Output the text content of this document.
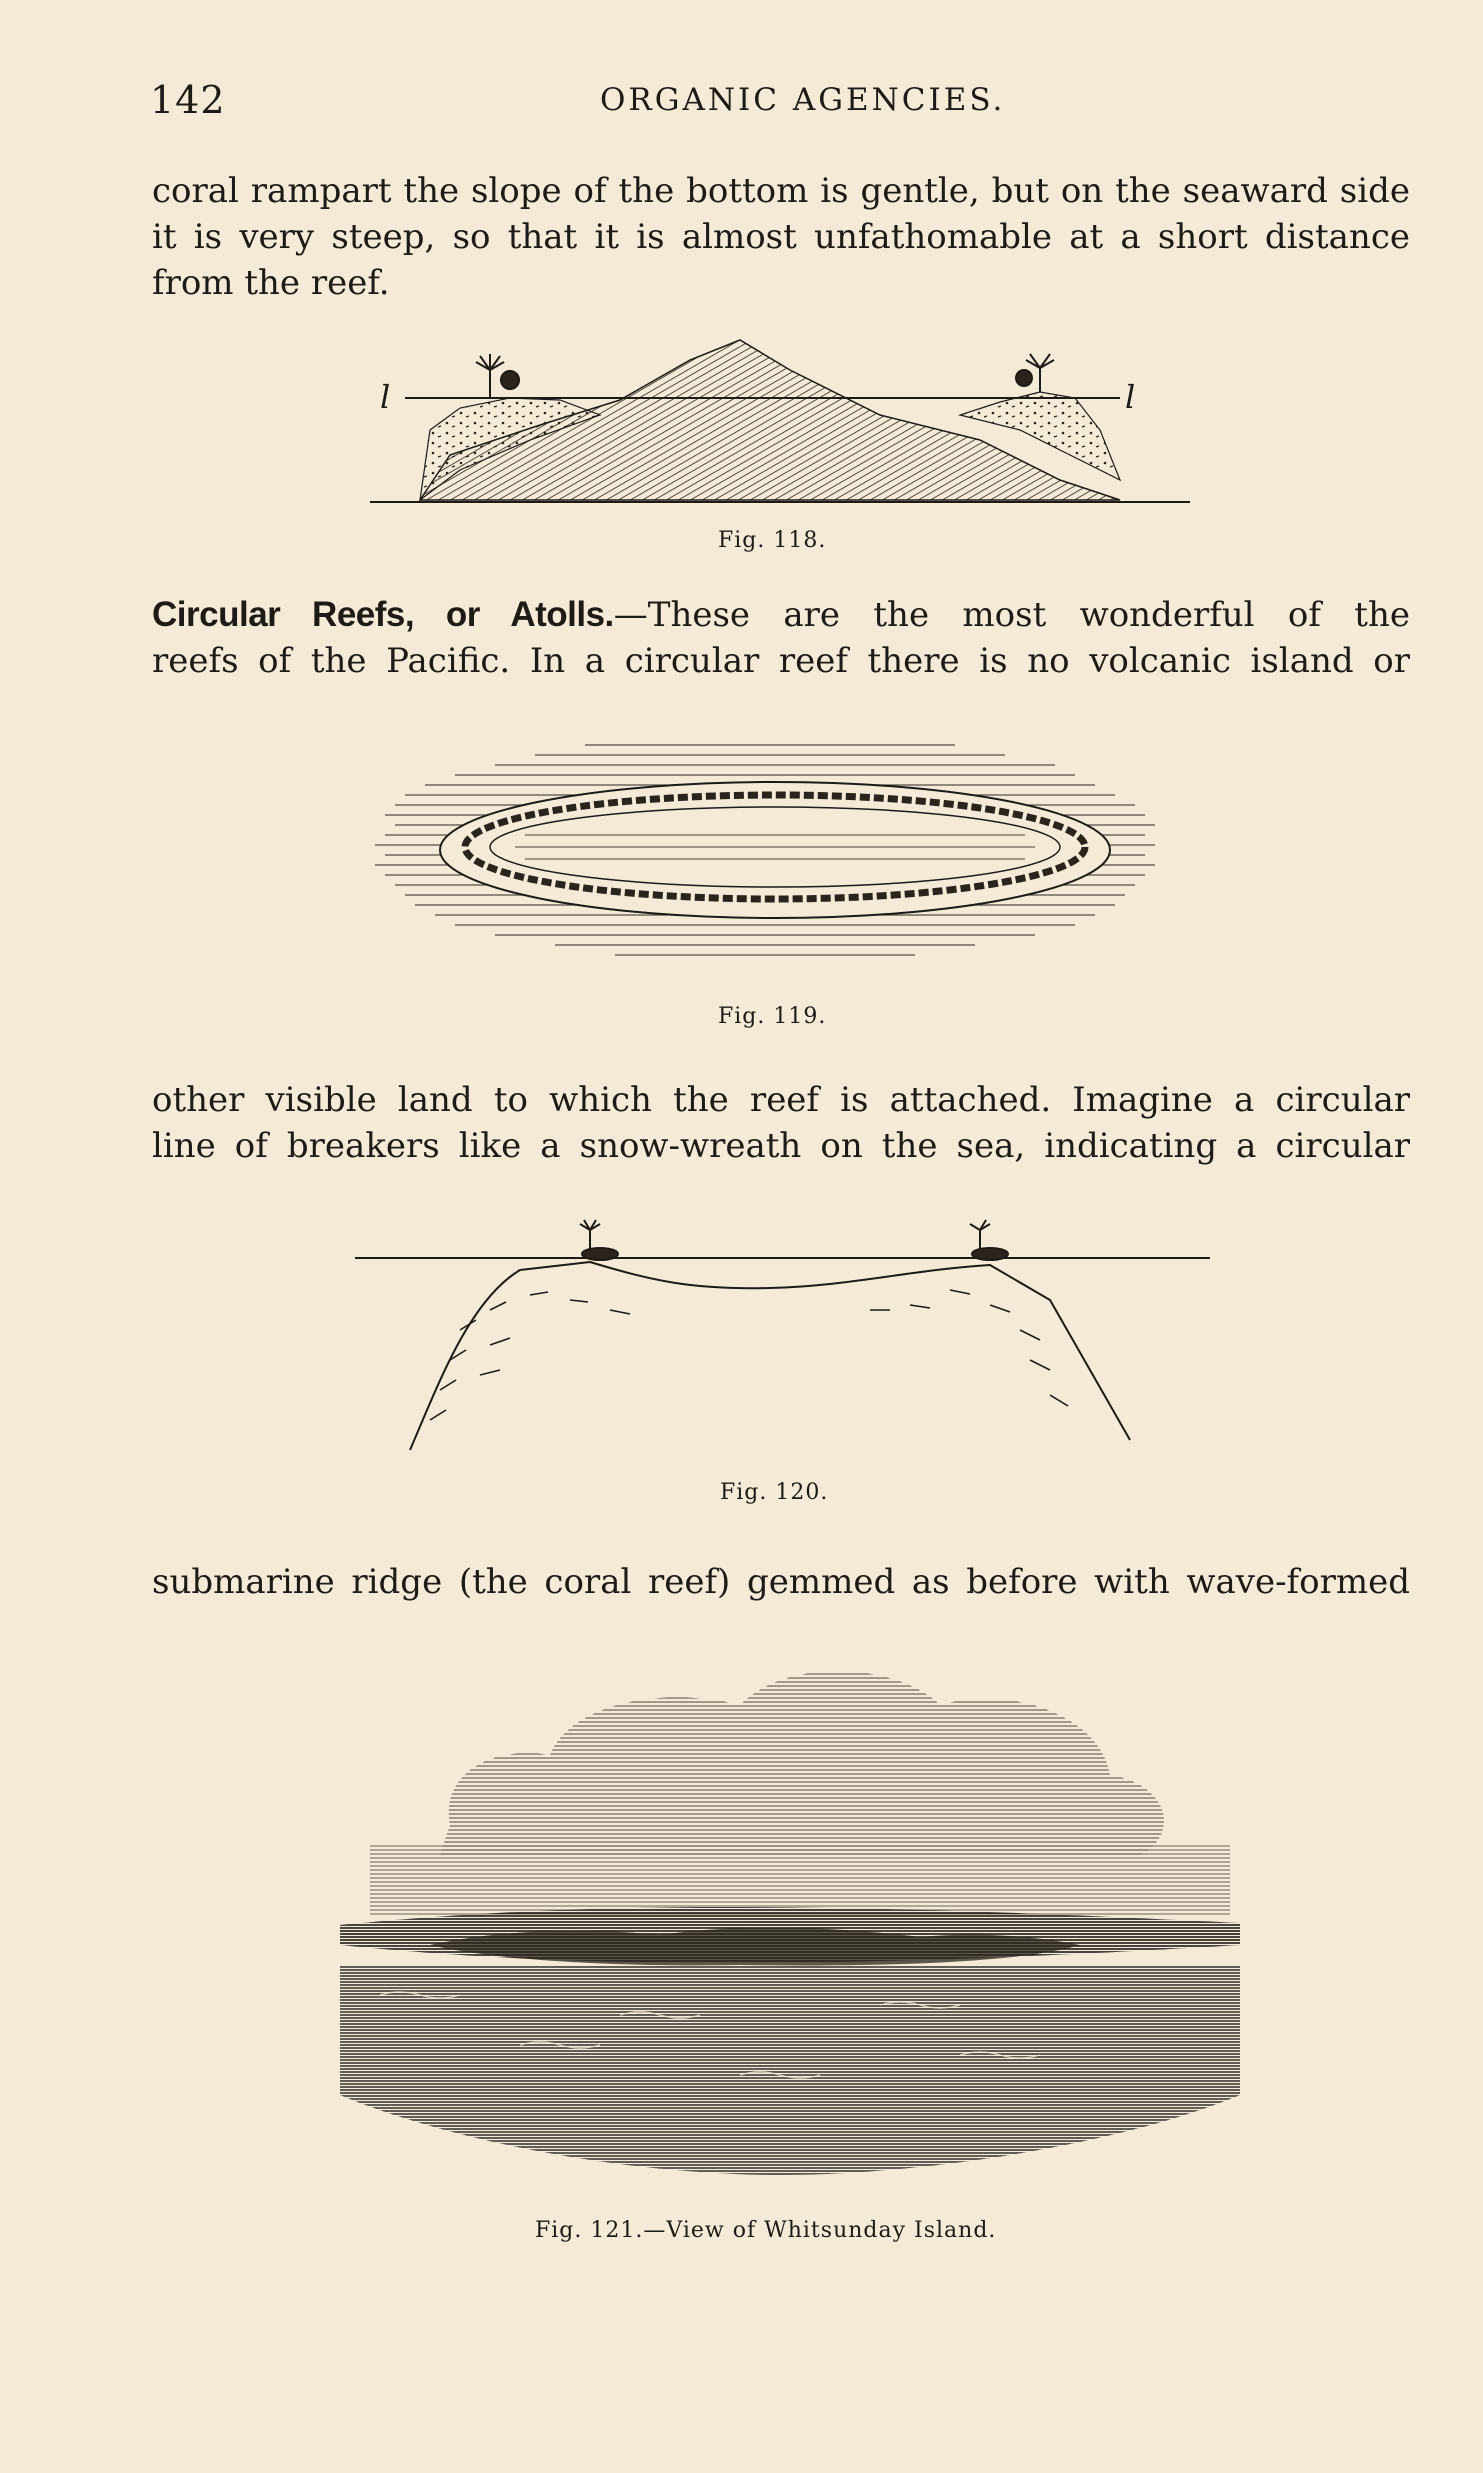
142	ORGANIC AGENCIES.
coral rampart the slope of the bottom is gentle, but on the seaward side
it is very steep, so that it is almost unfathomable at a short distance
from the reef.
l	l
Fig. 118.
Circular Reefs, or Atolls.—These are the most wonderful of the
reefs of the Pacific. In a circular reef there is no volcanic island or
Fig. 119.
other visible land to which the reef is attached. Imagine a circular
line of breakers like a snow-wreath on the sea, indicating a circular
Fig. 120.
submarine ridge (the coral reef) gemmed as before with wave-formed
Fig. 121.—View of Whitsunday Island.
